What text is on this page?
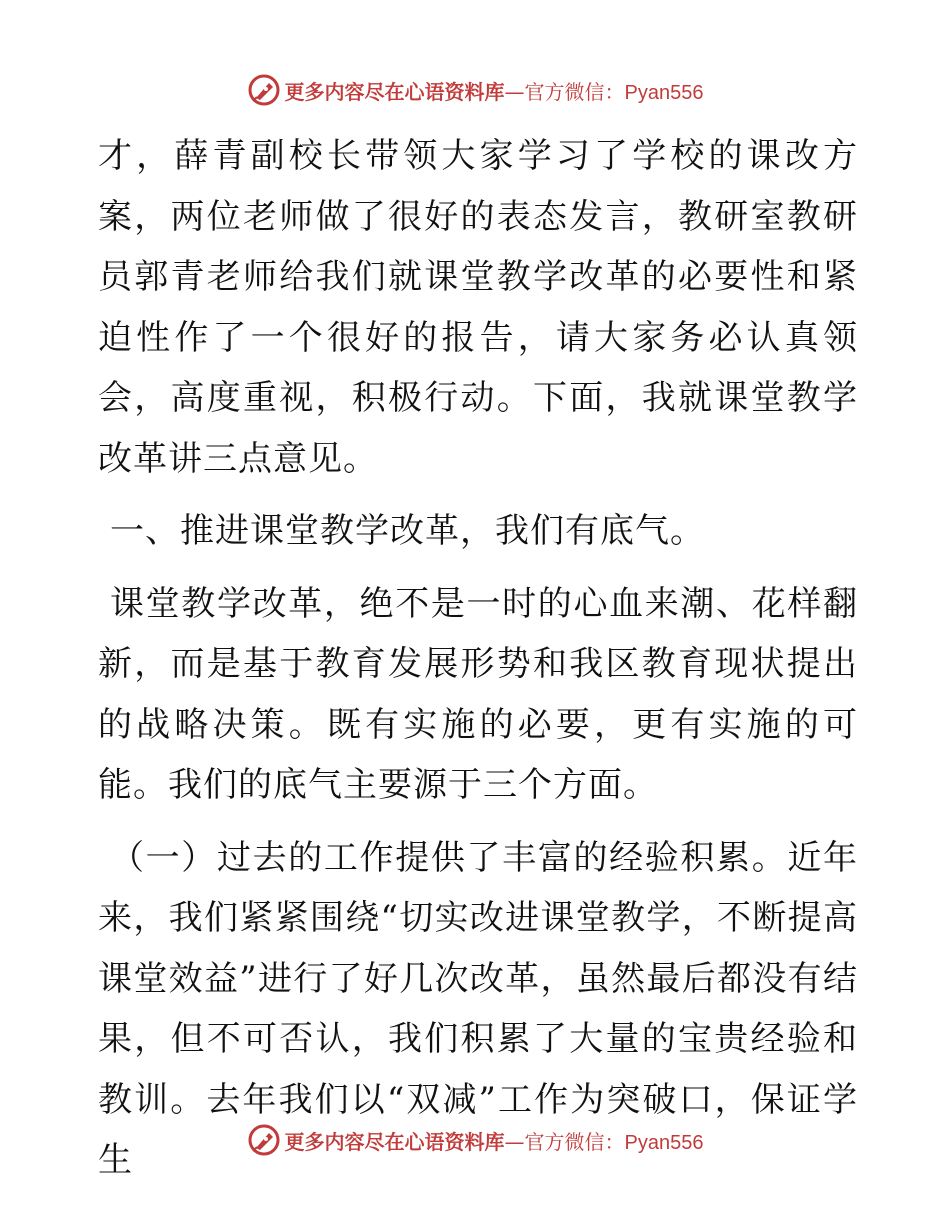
更多内容尽在心语资料库—官方微信：Pyan556

才，薛青副校长带领大家学习了学校的课改方案，两位老师做了很好的表态发言，教研室教研员郭青老师给我们就课堂教学改革的必要性和紧迫性作了一个很好的报告，请大家务必认真领会，高度重视，积极行动。下面，我就课堂教学改革讲三点意见。

一、推进课堂教学改革，我们有底气。

课堂教学改革，绝不是一时的心血来潮、花样翻新，而是基于教育发展形势和我区教育现状提出的战略决策。既有实施的必要，更有实施的可能。我们的底气主要源于三个方面。

（一）过去的工作提供了丰富的经验积累。近年来，我们紧紧围绕“切实改进课堂教学，不断提高课堂效益”进行了好几次改革，虽然最后都没有结果，但不可否认，我们积累了大量的宝贵经验和教训。去年我们以“双减”工作为突破口，保证学生	更多内容尽在心语资料库—官方微信：Pyan556
